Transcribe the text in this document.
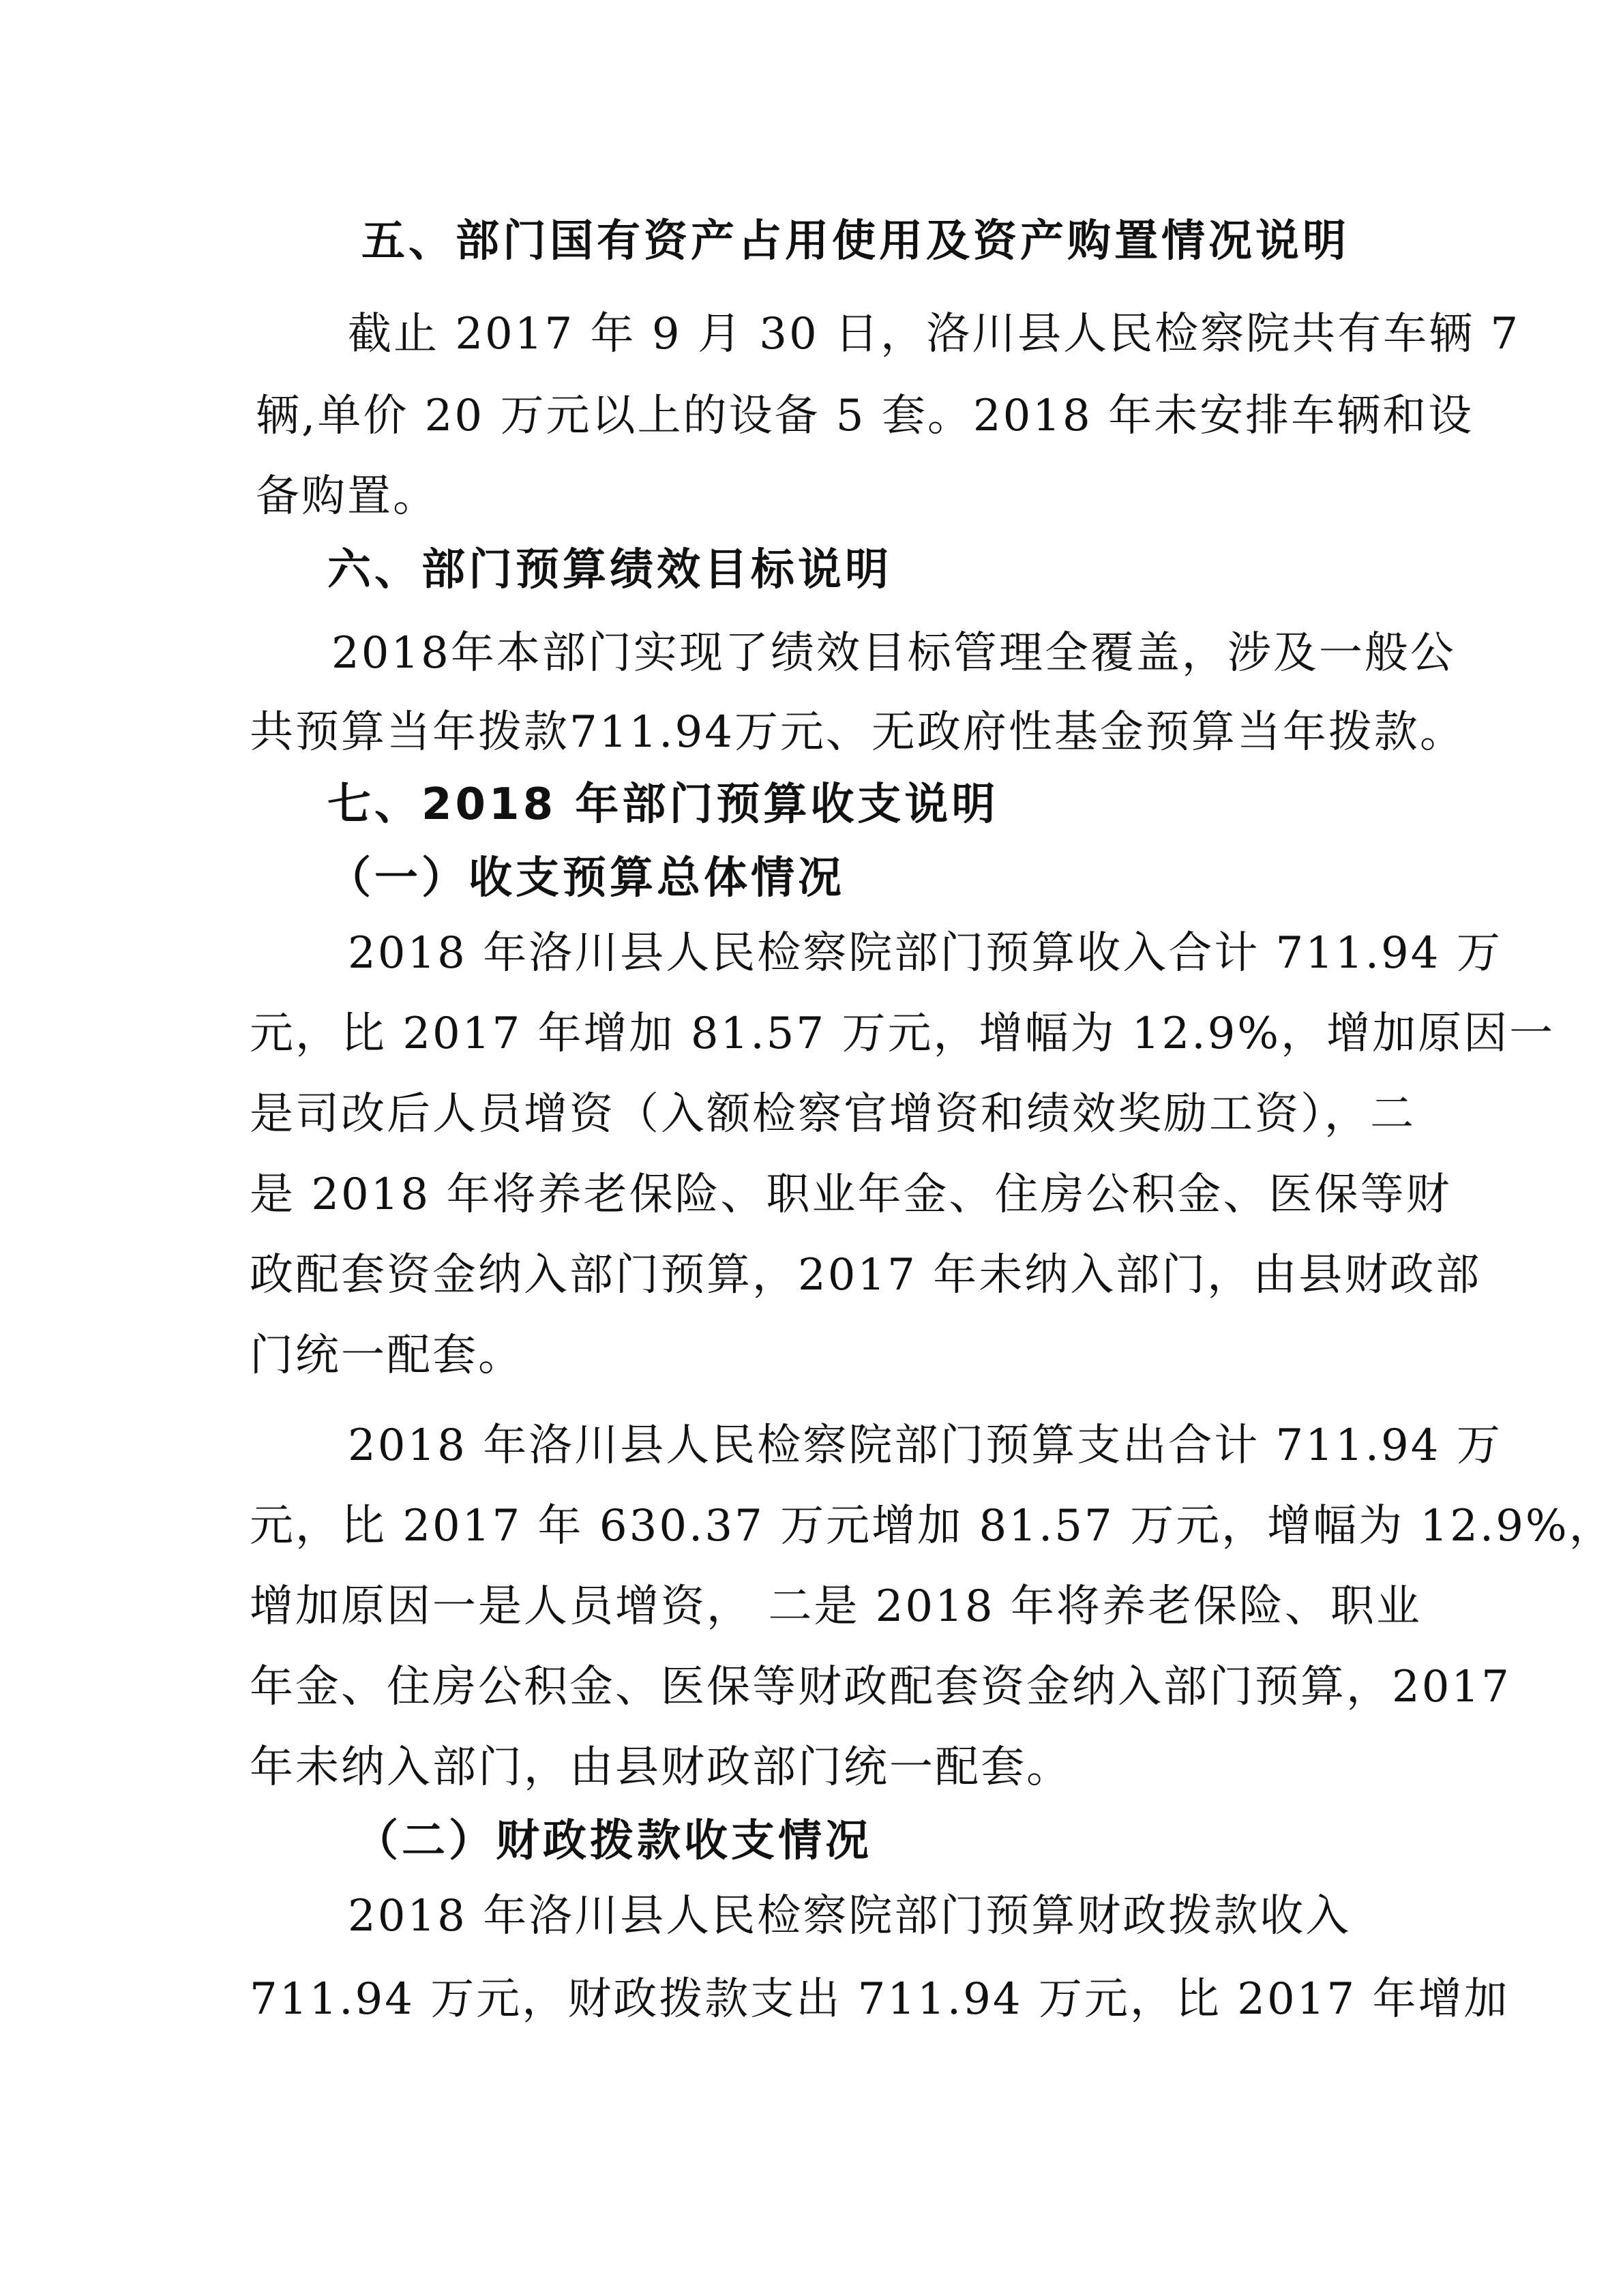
五、部门国有资产占用使用及资产购置情况说明
截止 2017 年 9 月 30 日，洛川县人民检察院共有车辆 7
辆,单价 20 万元以上的设备 5 套。2018 年未安排车辆和设
备购置。
六、部门预算绩效目标说明
2018年本部门实现了绩效目标管理全覆盖，涉及一般公
共预算当年拨款711.94万元、无政府性基金预算当年拨款。
七、2018 年部门预算收支说明
（一）收支预算总体情况
2018 年洛川县人民检察院部门预算收入合计 711.94 万
元，比 2017 年增加 81.57 万元，增幅为 12.9%，增加原因一
是司改后人员增资（入额检察官增资和绩效奖励工资），二
是 2018 年将养老保险、职业年金、住房公积金、医保等财
政配套资金纳入部门预算，2017 年未纳入部门，由县财政部
门统一配套。
2018 年洛川县人民检察院部门预算支出合计 711.94 万
元，比 2017 年 630.37 万元增加 81.57 万元，增幅为 12.9%，
增加原因一是人员增资， 二是 2018 年将养老保险、职业
年金、住房公积金、医保等财政配套资金纳入部门预算，2017
年未纳入部门，由县财政部门统一配套。
（二）财政拨款收支情况
2018 年洛川县人民检察院部门预算财政拨款收入
711.94 万元，财政拨款支出 711.94 万元，比 2017 年增加
